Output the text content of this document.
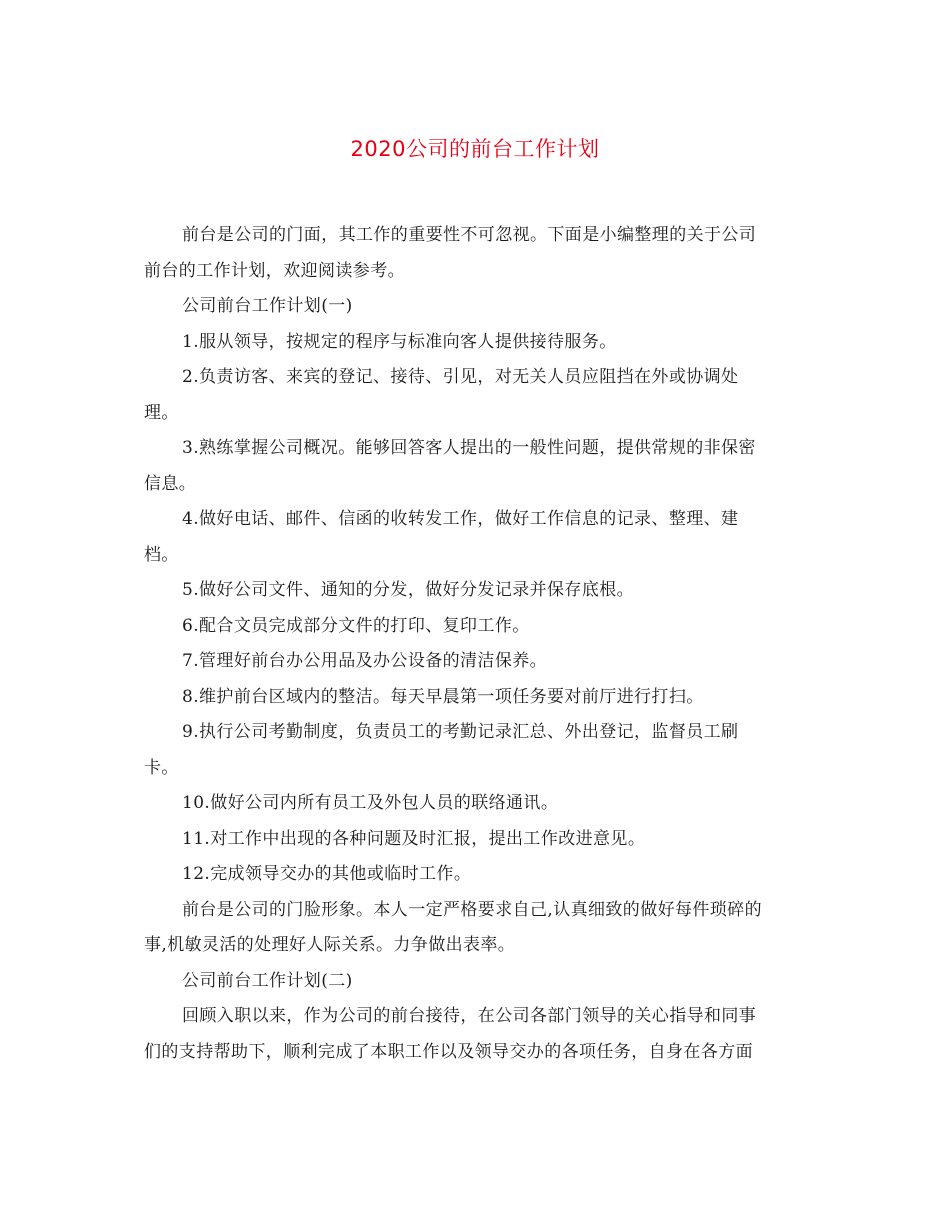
2020公司的前台工作计划
前台是公司的门面，其工作的重要性不可忽视。下面是小编整理的关于公司
前台的工作计划，欢迎阅读参考。
公司前台工作计划(一)
1.服从领导，按规定的程序与标准向客人提供接待服务。
2.负责访客、来宾的登记、接待、引见，对无关人员应阻挡在外或协调处
理。
3.熟练掌握公司概况。能够回答客人提出的一般性问题，提供常规的非保密
信息。
4.做好电话、邮件、信函的收转发工作，做好工作信息的记录、整理、建
档。
5.做好公司文件、通知的分发，做好分发记录并保存底根。
6.配合文员完成部分文件的打印、复印工作。
7.管理好前台办公用品及办公设备的清洁保养。
8.维护前台区域内的整洁。每天早晨第一项任务要对前厅进行打扫。
9.执行公司考勤制度，负责员工的考勤记录汇总、外出登记，监督员工刷
卡。
10.做好公司内所有员工及外包人员的联络通讯。
11.对工作中出现的各种问题及时汇报，提出工作改进意见。
12.完成领导交办的其他或临时工作。
前台是公司的门脸形象。本人一定严格要求自己,认真细致的做好每件琐碎的
事,机敏灵活的处理好人际关系。力争做出表率。
公司前台工作计划(二)
回顾入职以来，作为公司的前台接待，在公司各部门领导的关心指导和同事
们的支持帮助下，顺利完成了本职工作以及领导交办的各项任务，自身在各方面
